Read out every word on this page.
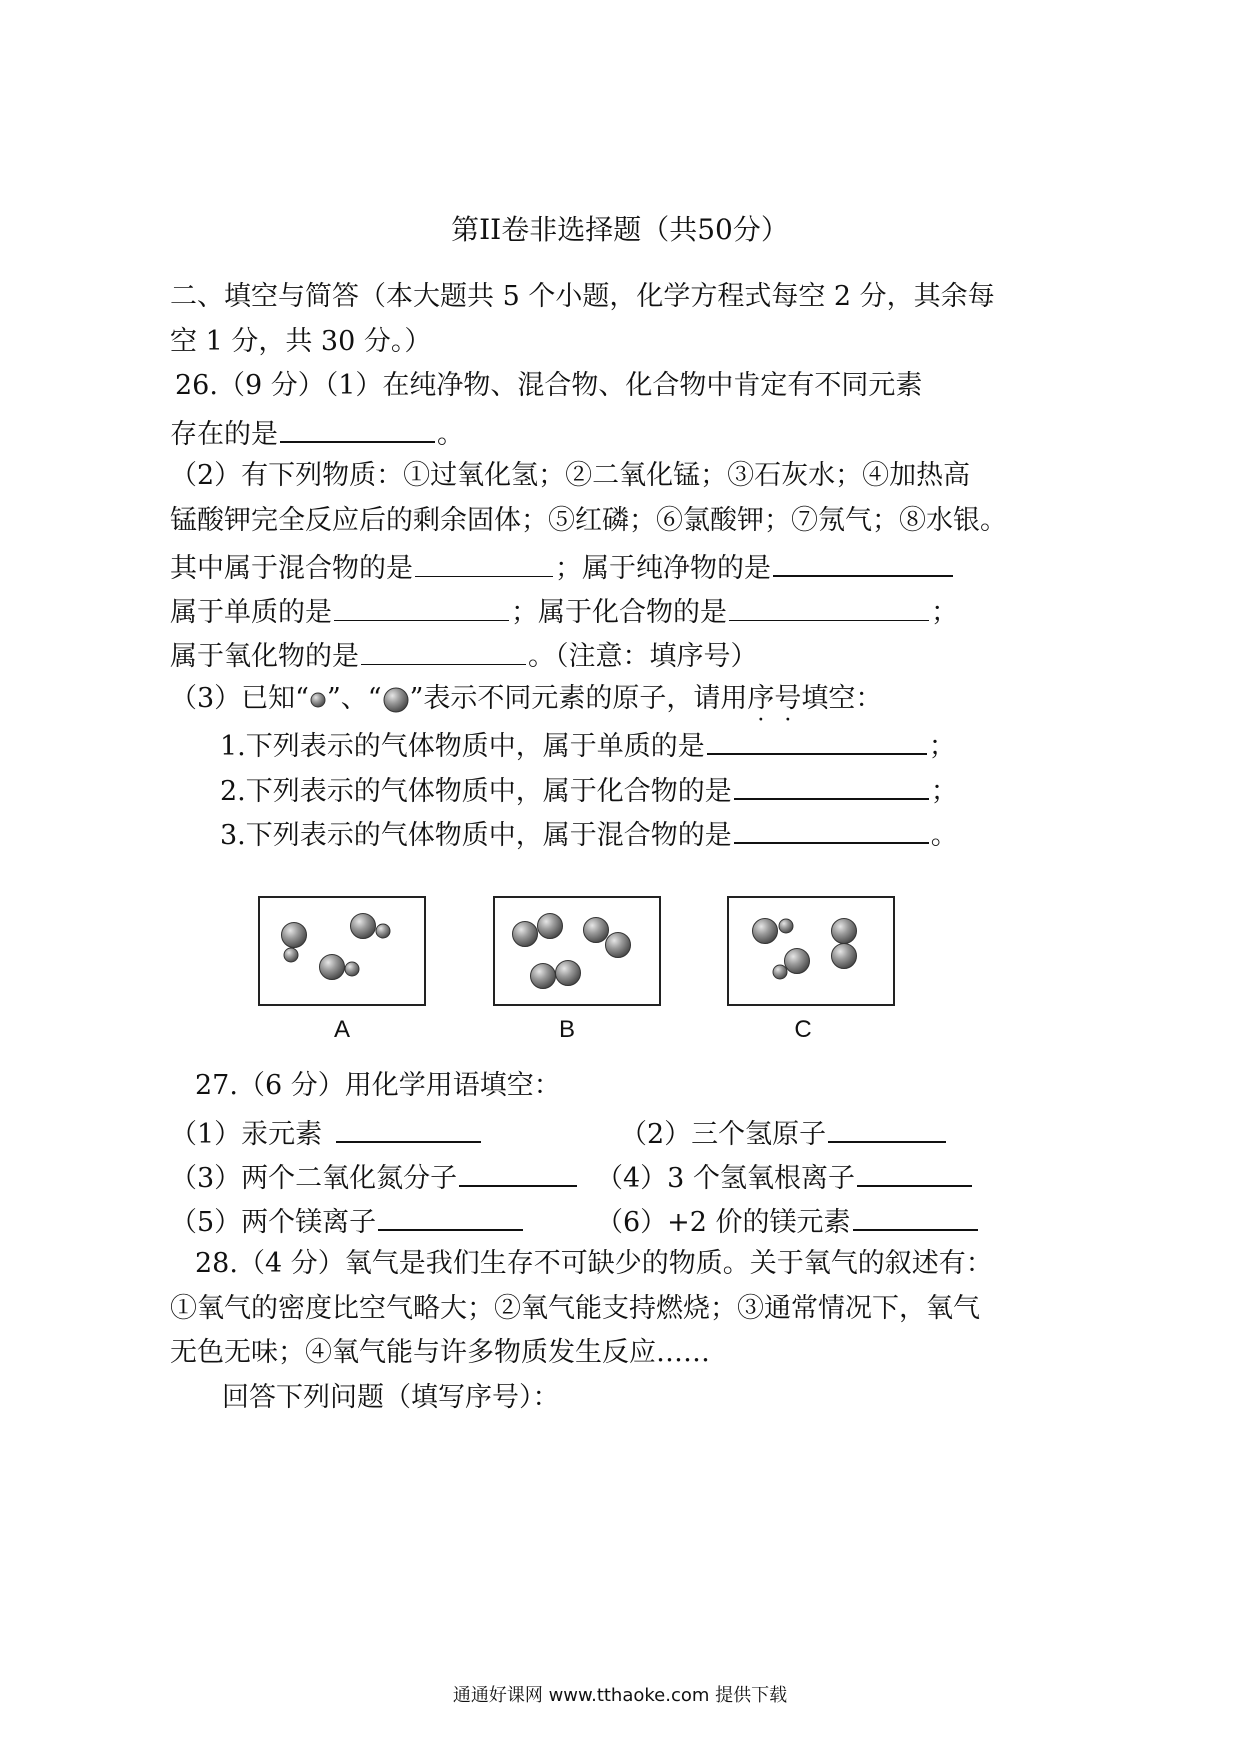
第II卷非选择题（共50分）
二、填空与简答（本大题共 5 个小题，化学方程式每空 2 分，其余每
空 1 分，共 30 分。）
26.（9 分）（1）在纯净物、混合物、化合物中肯定有不同元素
存在的是	。
（2）有下列物质：①过氧化氢；②二氧化锰；③石灰水；④加热高
锰酸钾完全反应后的剩余固体；⑤红磷；⑥氯酸钾；⑦氖气；⑧水银。
其中属于混合物的是	；属于纯净物的是
属于单质的是	；属于化合物的是	；
属于氧化物的是	。（注意：填序号）
（3）已知“ ”、“ ”表示不同元素的原子，请用序号填空：
1.下列表示的气体物质中，属于单质的是	；
2.下列表示的气体物质中，属于化合物的是	；
3.下列表示的气体物质中，属于混合物的是	。
A	B	C
27.（6 分）用化学用语填空：
（1）汞元素	（2）三个氢原子
（3）两个二氧化氮分子	（4）3 个氢氧根离子
（5）两个镁离子	（6）+2 价的镁元素
28.（4 分）氧气是我们生存不可缺少的物质。关于氧气的叙述有：
①氧气的密度比空气略大；②氧气能支持燃烧；③通常情况下，氧气
无色无味；④氧气能与许多物质发生反应……
回答下列问题（填写序号）：
通通好课网 www.tthaoke.com 提供下载
